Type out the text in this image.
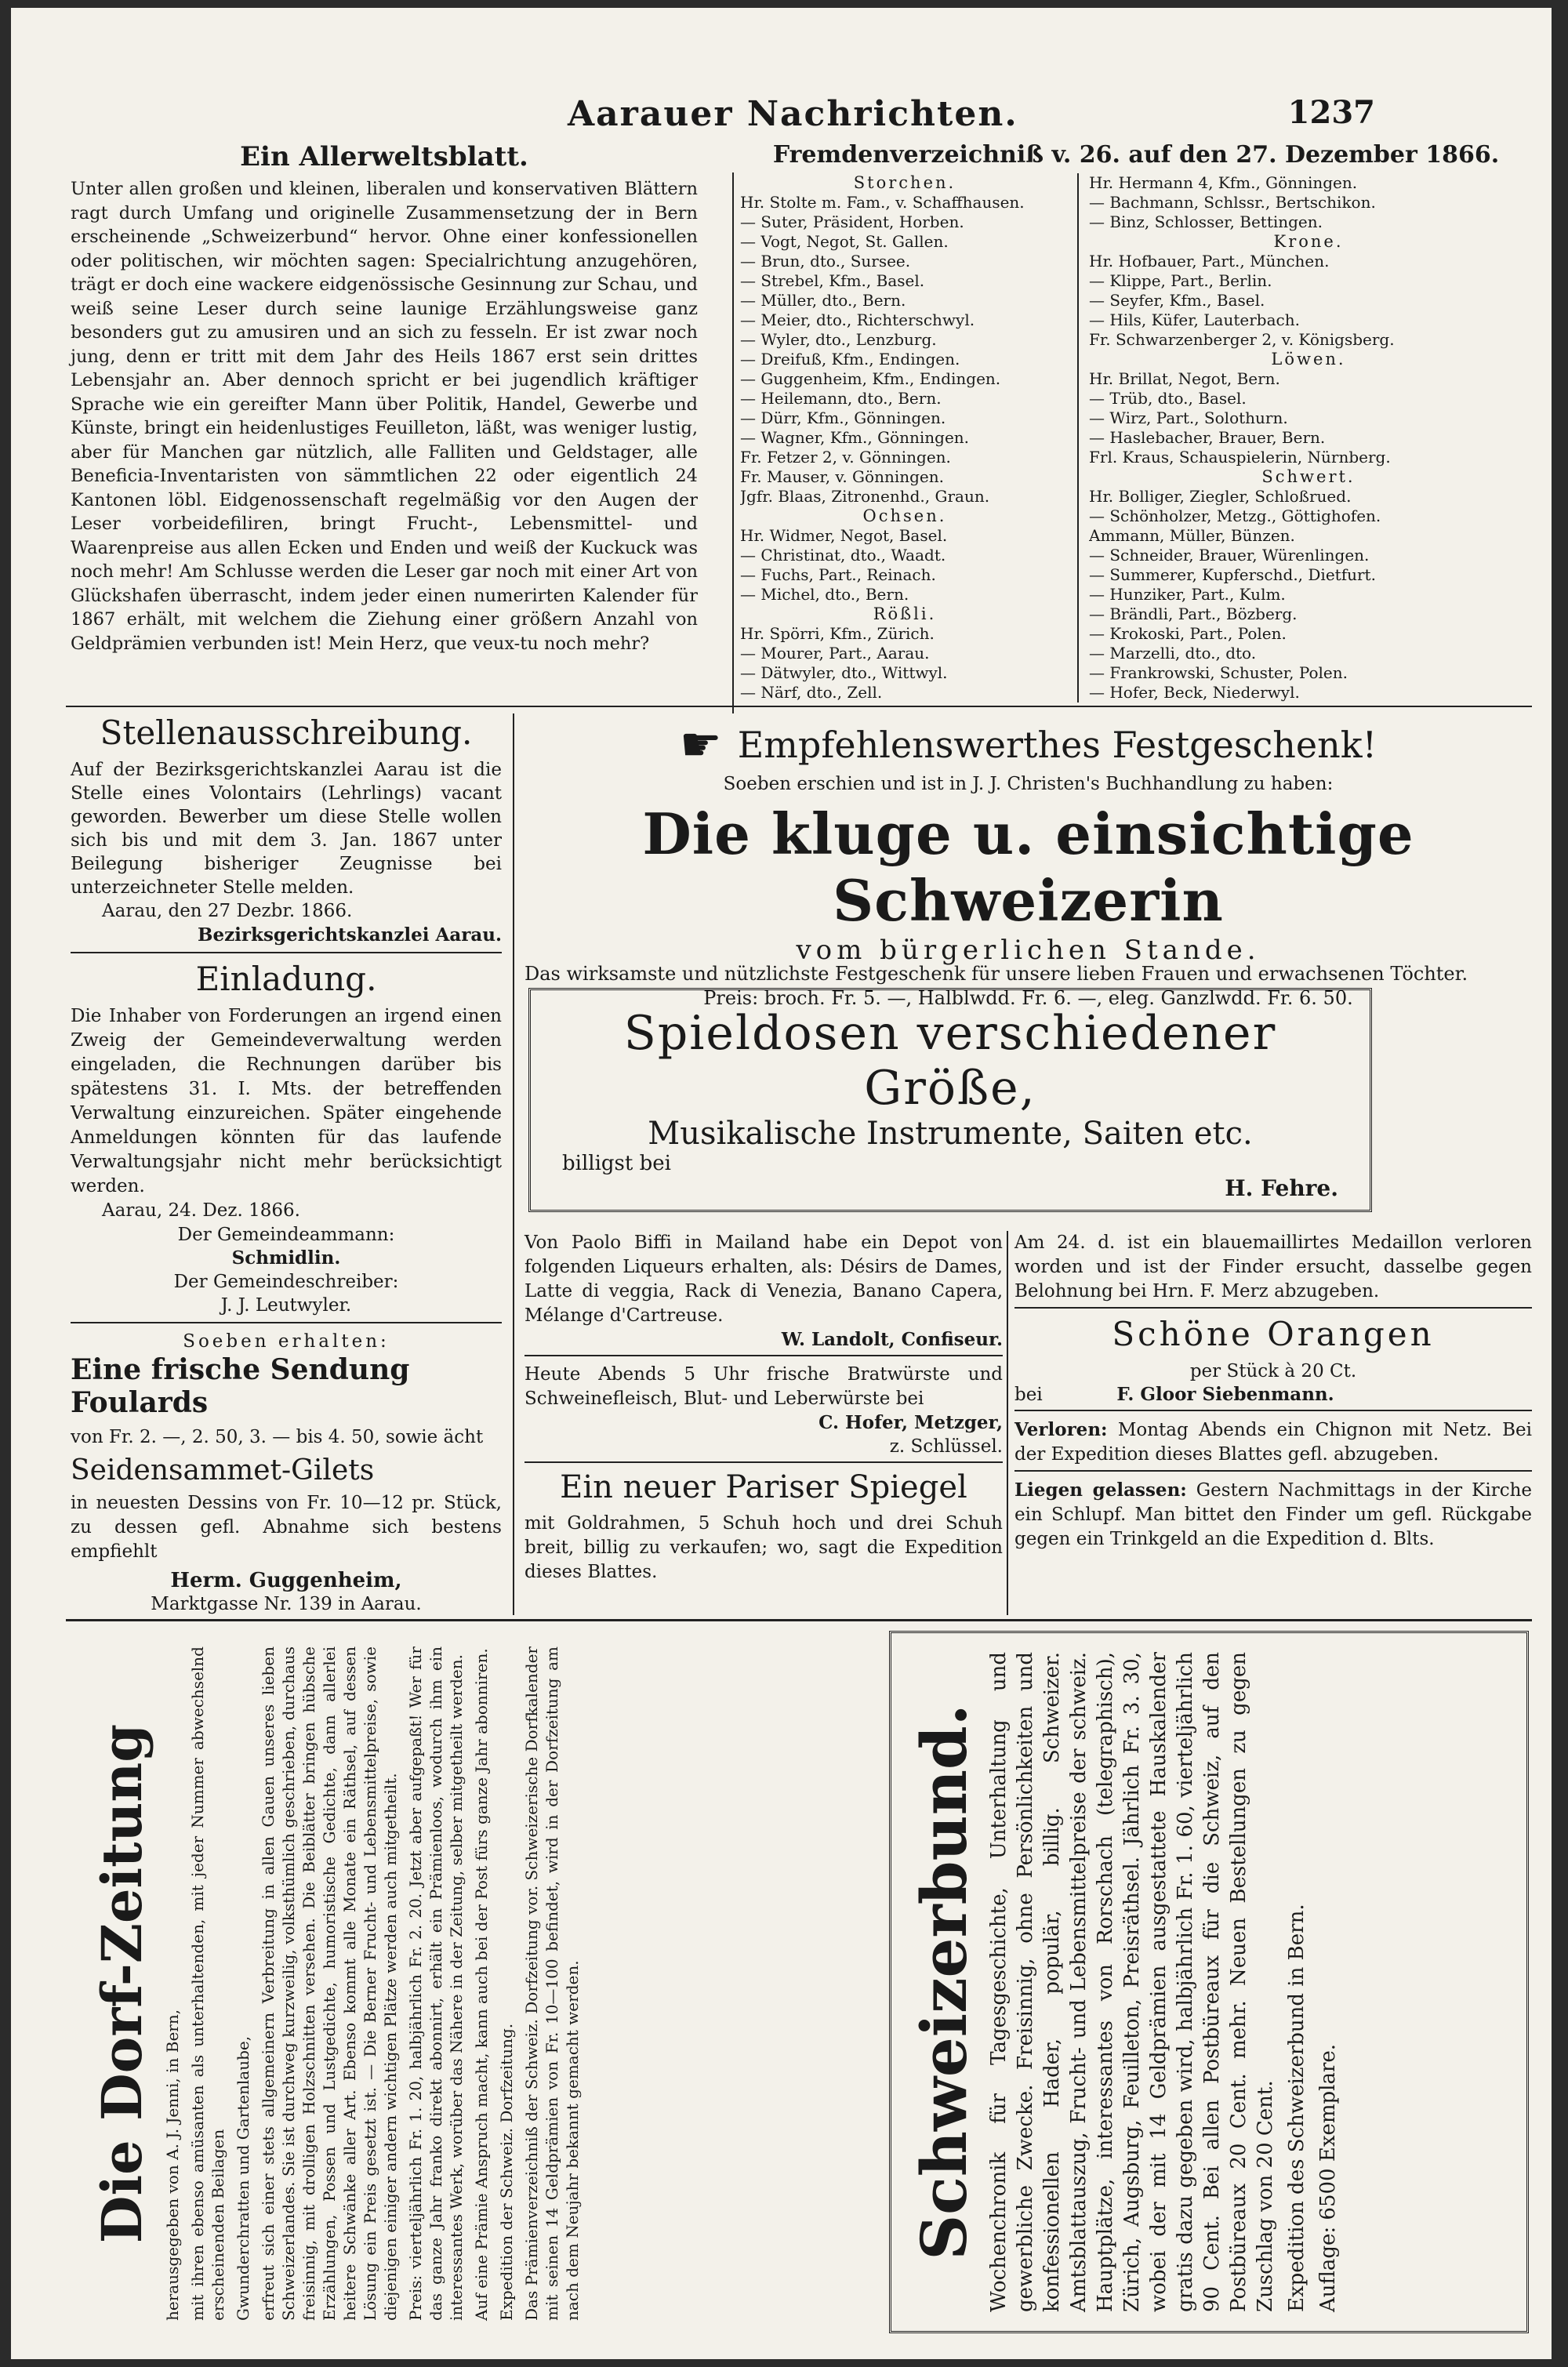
Aarauer Nachrichten.	1237
Ein Allerweltsblatt.

Unter allen großen und kleinen, liberalen und konservativen Blättern ragt durch Umfang und originelle Zusammensetzung der in Bern erscheinende „Schweizerbund“ hervor. Ohne einer konfessionellen oder politischen, wir möchten sagen: Specialrichtung anzugehören, trägt er doch eine wackere eidgenössische Gesinnung zur Schau, und weiß seine Leser durch seine launige Erzählungsweise ganz besonders gut zu amusiren und an sich zu fesseln. Er ist zwar noch jung, denn er tritt mit dem Jahr des Heils 1867 erst sein drittes Lebensjahr an. Aber dennoch spricht er bei jugendlich kräftiger Sprache wie ein gereifter Mann über Politik, Handel, Gewerbe und Künste, bringt ein heidenlustiges Feuilleton, läßt, was weniger lustig, aber für Manchen gar nützlich, alle Falliten und Geldstager, alle Beneficia-Inventaristen von sämmtlichen 22 oder eigentlich 24 Kantonen löbl. Eidgenossenschaft regelmäßig vor den Augen der Leser vorbeidefiliren, bringt Frucht-, Lebensmittel- und Waarenpreise aus allen Ecken und Enden und weiß der Kuckuck was noch mehr! Am Schlusse werden die Leser gar noch mit einer Art von Glückshafen überrascht, indem jeder einen numerirten Kalender für 1867 erhält, mit welchem die Ziehung einer größern Anzahl von Geldprämien verbunden ist! Mein Herz, que veux-tu noch mehr?

Fremdenverzeichniß v. 26. auf den 27. Dezember 1866.
Storchen.
Hr. Stolte m. Fam., v. Schaffhausen.
— Suter, Präsident, Horben.
— Vogt, Negot, St. Gallen.
— Brun, dto., Sursee.
— Strebel, Kfm., Basel.
— Müller, dto., Bern.
— Meier, dto., Richterschwyl.
— Wyler, dto., Lenzburg.
— Dreifuß, Kfm., Endingen.
— Guggenheim, Kfm., Endingen.
— Heilemann, dto., Bern.
— Dürr, Kfm., Gönningen.
— Wagner, Kfm., Gönningen.
Fr. Fetzer 2, v. Gönningen.
Fr. Mauser, v. Gönningen.
Jgfr. Blaas, Zitronenhd., Graun.
Ochsen.
Hr. Widmer, Negot, Basel.
— Christinat, dto., Waadt.
— Fuchs, Part., Reinach.
— Michel, dto., Bern.
Rößli.
Hr. Spörri, Kfm., Zürich.
— Mourer, Part., Aarau.
— Dätwyler, dto., Wittwyl.
— Närf, dto., Zell.
Hr. Hermann 4, Kfm., Gönningen.
— Bachmann, Schlssr., Bertschikon.
— Binz, Schlosser, Bettingen.
Krone.
Hr. Hofbauer, Part., München.
— Klippe, Part., Berlin.
— Seyfer, Kfm., Basel.
— Hils, Küfer, Lauterbach.
Fr. Schwarzenberger 2, v. Königsberg.
Löwen.
Hr. Brillat, Negot, Bern.
— Trüb, dto., Basel.
— Wirz, Part., Solothurn.
— Haslebacher, Brauer, Bern.
Frl. Kraus, Schauspielerin, Nürnberg.
Schwert.
Hr. Bolliger, Ziegler, Schloßrued.
— Schönholzer, Metzg., Göttighofen.
Ammann, Müller, Bünzen.
— Schneider, Brauer, Würenlingen.
— Summerer, Kupferschd., Dietfurt.
— Hunziker, Part., Kulm.
— Brändli, Part., Bözberg.
— Krokoski, Part., Polen.
— Marzelli, dto., dto.
— Frankrowski, Schuster, Polen.
— Hofer, Beck, Niederwyl.
Stellenausschreibung.

Auf der Bezirksgerichtskanzlei Aarau ist die Stelle eines Volontairs (Lehrlings) vacant geworden. Bewerber um diese Stelle wollen sich bis und mit dem 3. Jan. 1867 unter Beilegung bisheriger Zeugnisse bei unterzeichneter Stelle melden.

Aarau, den 27 Dezbr. 1866.

Bezirksgerichtskanzlei Aarau.

Einladung.

Die Inhaber von Forderungen an irgend einen Zweig der Gemeindeverwaltung werden eingeladen, die Rechnungen darüber bis spätestens 31. I. Mts. der betreffenden Verwaltung einzureichen. Später eingehende Anmeldungen könnten für das laufende Verwaltungsjahr nicht mehr berücksichtigt werden.

Aarau, 24. Dez. 1866.

Der Gemeindeammann:

Schmidlin.

Der Gemeindeschreiber:

J. J. Leutwyler.

Soeben erhalten:

Eine frische Sendung Foulards

von Fr. 2. —, 2. 50, 3. — bis 4. 50, sowie ächt

Seidensammet-Gilets

in neuesten Dessins von Fr. 10—12 pr. Stück, zu dessen gefl. Abnahme sich bestens empfiehlt

Herm. Guggenheim,

Marktgasse Nr. 139 in Aarau.

☛ Empfehlenswerthes Festgeschenk!

Soeben erschien und ist in J. J. Christen's Buchhandlung zu haben:

Die kluge u. einsichtige Schweizerin

vom bürgerlichen Stande.

Das wirksamste und nützlichste Festgeschenk für unsere lieben Frauen und erwachsenen Töchter.

Preis: broch. Fr. 5. —, Halblwdd. Fr. 6. —, eleg. Ganzlwdd. Fr. 6. 50.

Spieldosen verschiedener Größe,
Musikalische Instrumente, Saiten etc.
billigst bei
H. Fehre.

Von Paolo Biffi in Mailand habe ein Depot von folgenden Liqueurs erhalten, als: Désirs de Dames, Latte di veggia, Rack di Venezia, Banano Capera, Mélange d'Cartreuse.

W. Landolt, Confiseur.

Heute Abends 5 Uhr frische Bratwürste und Schweinefleisch, Blut- und Leberwürste bei

C. Hofer, Metzger,

z. Schlüssel.

Ein neuer Pariser Spiegel

mit Goldrahmen, 5 Schuh hoch und drei Schuh breit, billig zu verkaufen; wo, sagt die Expedition dieses Blattes.

Am 24. d. ist ein blauemaillirtes Medaillon verloren worden und ist der Finder ersucht, dasselbe gegen Belohnung bei Hrn. F. Merz abzugeben.

Schöne Orangen

per Stück à 20 Ct.

bei	F. Gloor Siebenmann.

Verloren: Montag Abends ein Chignon mit Netz. Bei der Expedition dieses Blattes gefl. abzugeben.

Liegen gelassen: Gestern Nachmittags in der Kirche ein Schlupf. Man bittet den Finder um gefl. Rückgabe gegen ein Trinkgeld an die Expedition d. Blts.

Die Dorf-Zeitung herausgegeben von A. J. Jenni, in Bern, mit ihren ebenso amüsanten als unterhaltenden, mit jeder Nummer abwechselnd erscheinenden Beilagen Gwunderchratten und Gartenlaube, erfreut sich einer stets allgemeinern Verbreitung in allen Gauen unseres lieben Schweizerlandes. Sie ist durchweg kurzweilig, volksthümlich geschrieben, durchaus freisinnig, mit drolligen Holzschnitten versehen. Die Beiblätter bringen hübsche Erzählungen, Possen und Lustgedichte, humoristische Gedichte, dann allerlei heitere Schwänke aller Art. Ebenso kommt alle Monate ein Räthsel, auf dessen Lösung ein Preis gesetzt ist. — Die Berner Frucht- und Lebensmittelpreise, sowie diejenigen einiger andern wichtigen Plätze werden auch mitgetheilt. Preis: vierteljährlich Fr. 1. 20, halbjährlich Fr. 2. 20. Jetzt aber aufgepaßt! Wer für das ganze Jahr franko direkt abonnirt, erhält ein Prämienloos, wodurch ihm ein interessantes Werk, worüber das Nähere in der Zeitung, selber mitgetheilt werden. Auf eine Prämie Anspruch macht, kann auch bei der Post fürs ganze Jahr abonniren. Expedition der Schweiz. Dorfzeitung. Das Prämienverzeichniß der Schweiz. Dorfzeitung vor. Schweizerische Dorfkalender mit seinen 14 Geldprämien von Fr. 10—100 befindet, wird in der Dorfzeitung am nach dem Neujahr bekannt gemacht werden.	Schweizerbund. Wochenchronik für Tagesgeschichte, Unterhaltung und gewerbliche Zwecke. Freisinnig, ohne Persönlichkeiten und konfessionellen Hader, populär, billig. Schweizer. Amtsblattauszug, Frucht- und Lebensmittelpreise der schweiz. Hauptplätze, interessantes von Rorschach (telegraphisch), Zürich, Augsburg, Feuilleton, Preisräthsel. Jährlich Fr. 3. 30, wobei der mit 14 Geldprämien ausgestattete Hauskalender gratis dazu gegeben wird, halbjährlich Fr. 1. 60, vierteljährlich 90 Cent. Bei allen Postbüreaux für die Schweiz, auf den Postbüreaux 20 Cent. mehr. Neuen Bestellungen zu gegen Zuschlag von 20 Cent. Expedition des Schweizerbund in Bern. Auflage: 6500 Exemplare.
